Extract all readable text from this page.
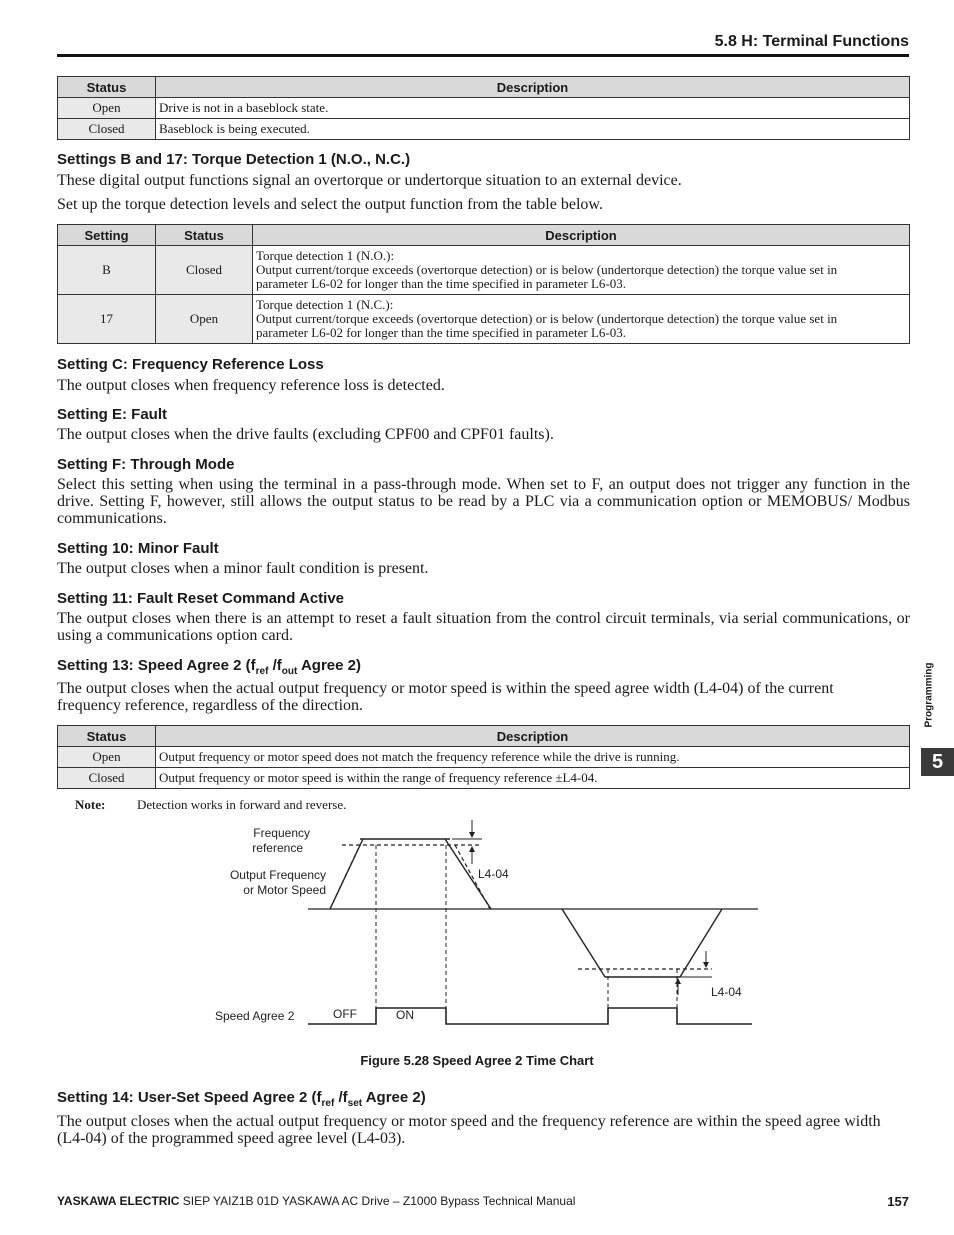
5.8 H: Terminal Functions
Status	Description
Open	Drive is not in a baseblock state.
Closed	Baseblock is being executed.
Settings B and 17: Torque Detection 1 (N.O., N.C.)
These digital output functions signal an overtorque or undertorque situation to an external device.
Set up the torque detection levels and select the output function from the table below.
Setting	Status	Description
B	Closed	Torque detection 1 (N.O.):
Output current/torque exceeds (overtorque detection) or is below (undertorque detection) the torque value set in
parameter L6-02 for longer than the time specified in parameter L6-03.

17	Open	Torque detection 1 (N.C.):
Output current/torque exceeds (overtorque detection) or is below (undertorque detection) the torque value set in
parameter L6-02 for longer than the time specified in parameter L6-03.
Setting C: Frequency Reference Loss
The output closes when frequency reference loss is detected.
Setting E: Fault
The output closes when the drive faults (excluding CPF00 and CPF01 faults).
Setting F: Through Mode
Select this setting when using the terminal in a pass-through mode. When set to F, an output does not trigger any function in the drive. Setting F, however, still allows the output status to be read by a PLC via a communication option or MEMOBUS/ Modbus communications.
Setting 10: Minor Fault
The output closes when a minor fault condition is present.
Setting 11: Fault Reset Command Active
The output closes when there is an attempt to reset a fault situation from the control circuit terminals, via serial communications, or using a communications option card.
Setting 13: Speed Agree 2 ($f_{ref}$ $/f_{out}$ Agree 2)
The output closes when the actual output frequency or motor speed is within the speed agree width (L4-04) of the current frequency reference, regardless of the direction.
Status	Description
Open	Output frequency or motor speed does not match the frequency reference while the drive is running.
Closed	Output frequency or motor speed is within the range of frequency reference ±L4-04.
Note: Detection works in forward and reverse.
Frequency
reference
Output Frequency
or Motor Speed
L4-04
L4-04
Speed Agree 2	OFF	ON
Figure 5.28 Speed Agree 2 Time Chart
Setting 14: User-Set Speed Agree 2 ($f_{ref}$ $/f_{set}$ Agree 2)
The output closes when the actual output frequency or motor speed and the frequency reference are within the speed agree width (L4-04) of the programmed speed agree level (L4-03).
Programming
5
YASKAWA ELECTRIC SIEP YAIZ1B 01D YASKAWA AC Drive – Z1000 Bypass Technical Manual	157
